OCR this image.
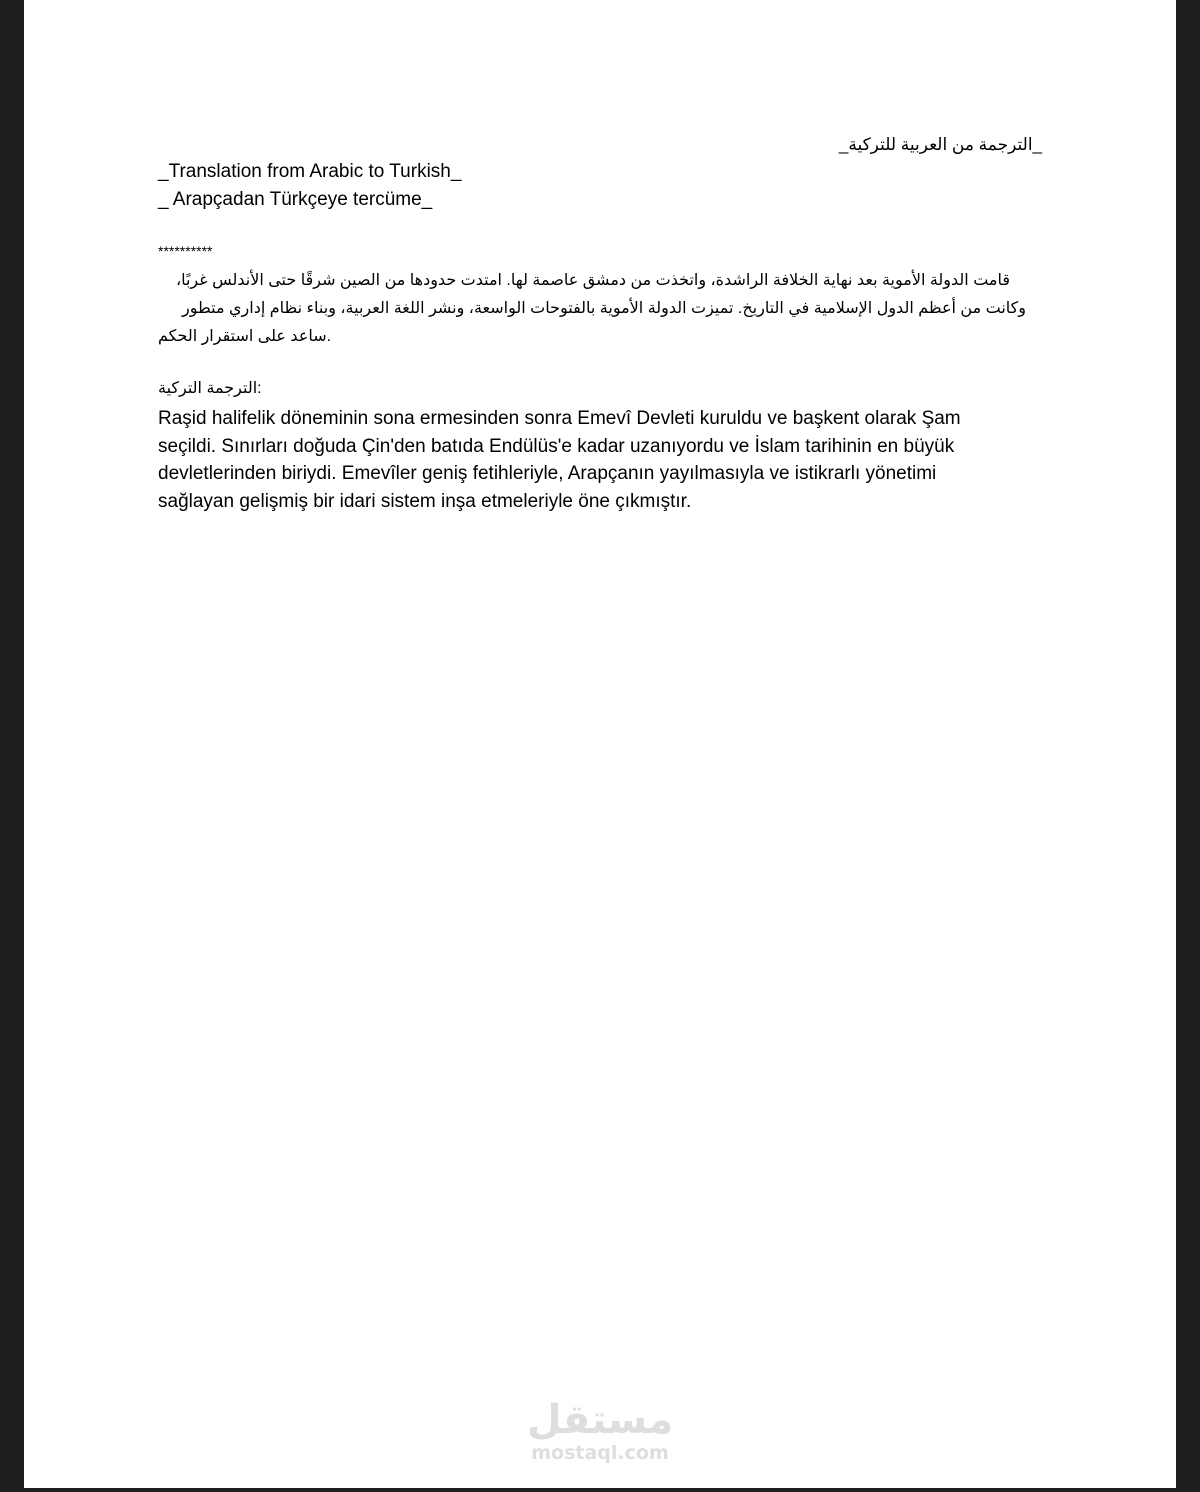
_الترجمة من العربية للتركية_
_Translation from Arabic to Turkish_
_ Arapçadan Türkçeye tercüme_
**********
قامت الدولة الأموية بعد نهاية الخلافة الراشدة، واتخذت من دمشق عاصمة لها. امتدت حدودها من الصين شرقًا حتى الأندلس غربًا،
وكانت من أعظم الدول الإسلامية في التاريخ. تميزت الدولة الأموية بالفتوحات الواسعة، ونشر اللغة العربية، وبناء نظام إداري متطور
.ساعد على استقرار الحكم
الترجمة التركية:
Raşid halifelik döneminin sona ermesinden sonra Emevî Devleti kuruldu ve başkent olarak Şam
seçildi. Sınırları doğuda Çin'den batıda Endülüs'e kadar uzanıyordu ve İslam tarihinin en büyük
devletlerinden biriydi. Emevîler geniş fetihleriyle, Arapçanın yayılmasıyla ve istikrarlı yönetimi
sağlayan gelişmiş bir idari sistem inşa etmeleriyle öne çıkmıştır.
مستقل
mostaql.com
